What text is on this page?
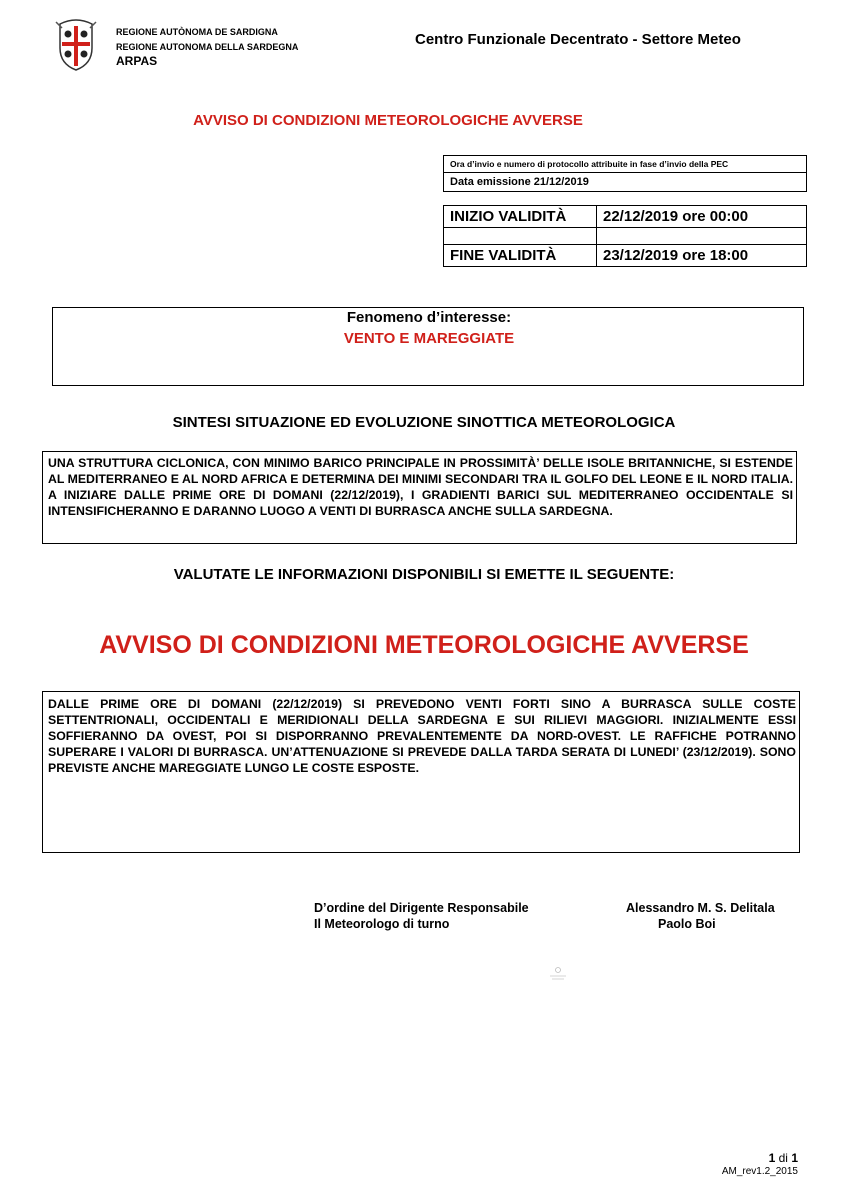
REGIONE AUTÒNOMA DE SARDIGNA
REGIONE AUTONOMA DELLA SARDEGNA
ARPAS
Centro Funzionale Decentrato - Settore Meteo
AVVISO DI CONDIZIONI METEOROLOGICHE AVVERSE
Ora d’invio e numero di protocollo attribuite in fase d’invio della PEC
Data emissione 21/12/2019
INIZIO VALIDITÀ	22/12/2019 ore 00:00

FINE VALIDITÀ	23/12/2019 ore 18:00
Fenomeno d’interesse:
VENTO E MAREGGIATE
SINTESI SITUAZIONE ED EVOLUZIONE SINOTTICA METEOROLOGICA
UNA STRUTTURA CICLONICA, CON MINIMO BARICO PRINCIPALE IN PROSSIMITÀ’ DELLE ISOLE BRITANNICHE, SI ESTENDE AL MEDITERRANEO E AL NORD AFRICA E DETERMINA DEI MINIMI SECONDARI TRA IL GOLFO DEL LEONE E IL NORD ITALIA. A INIZIARE DALLE PRIME ORE DI DOMANI (22/12/2019), I GRADIENTI BARICI SUL MEDITERRANEO OCCIDENTALE SI INTENSIFICHERANNO E DARANNO LUOGO A VENTI DI BURRASCA ANCHE SULLA SARDEGNA.
VALUTATE LE INFORMAZIONI DISPONIBILI SI EMETTE IL SEGUENTE:
AVVISO DI CONDIZIONI METEOROLOGICHE AVVERSE
DALLE PRIME ORE DI DOMANI (22/12/2019) SI PREVEDONO VENTI FORTI SINO A BURRASCA SULLE COSTE SETTENTRIONALI, OCCIDENTALI E MERIDIONALI DELLA SARDEGNA E SUI RILIEVI MAGGIORI. INIZIALMENTE ESSI SOFFIERANNO DA OVEST, POI SI DISPORRANNO PREVALENTEMENTE DA NORD-OVEST. LE RAFFICHE POTRANNO SUPERARE I VALORI DI BURRASCA. UN’ATTENUAZIONE SI PREVEDE DALLA TARDA SERATA DI LUNEDI’ (23/12/2019). SONO PREVISTE ANCHE MAREGGIATE LUNGO LE COSTE ESPOSTE.
D’ordine del Dirigente Responsabile
Il Meteorologo di turno
Alessandro M. S. Delitala
Paolo Boi
1 di 1
AM_rev1.2_2015
